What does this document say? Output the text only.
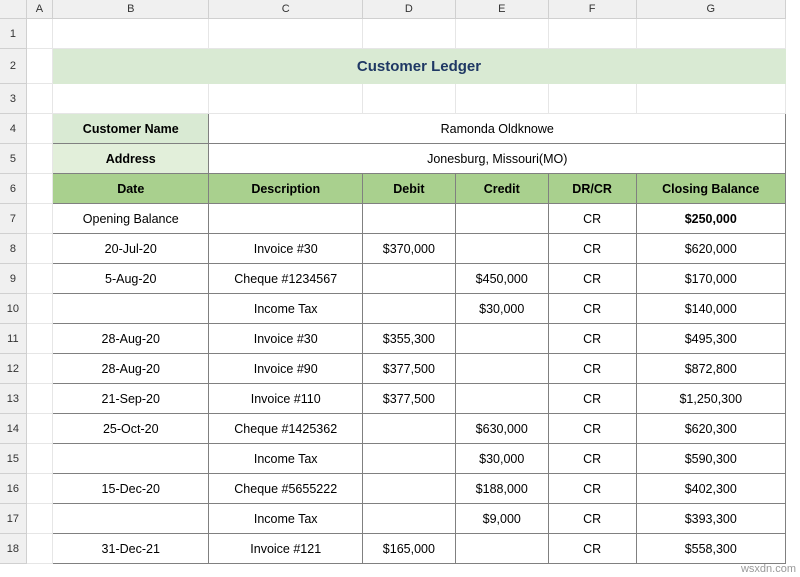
	A	B	C	D	E	F	G
1							
2		Customer Ledger					
3							
4		Customer Name	Ramonda Oldknowe				
5		Address	Jonesburg, Missouri(MO)				
6		Date	Description	Debit	Credit	DR/CR	Closing Balance
7		Opening Balance				CR	$250,000
8		20-Jul-20	Invoice #30	$370,000		CR	$620,000
9		5-Aug-20	Cheque #1234567		$450,000	CR	$170,000
10			Income Tax		$30,000	CR	$140,000
11		28-Aug-20	Invoice #30	$355,300		CR	$495,300
12		28-Aug-20	Invoice #90	$377,500		CR	$872,800
13		21-Sep-20	Invoice #110	$377,500		CR	$1,250,300
14		25-Oct-20	Cheque #1425362		$630,000	CR	$620,300
15			Income Tax		$30,000	CR	$590,300
16		15-Dec-20	Cheque #5655222		$188,000	CR	$402,300
17			Income Tax		$9,000	CR	$393,300
18		31-Dec-21	Invoice #121	$165,000		CR	$558,300
wsxdn.com
